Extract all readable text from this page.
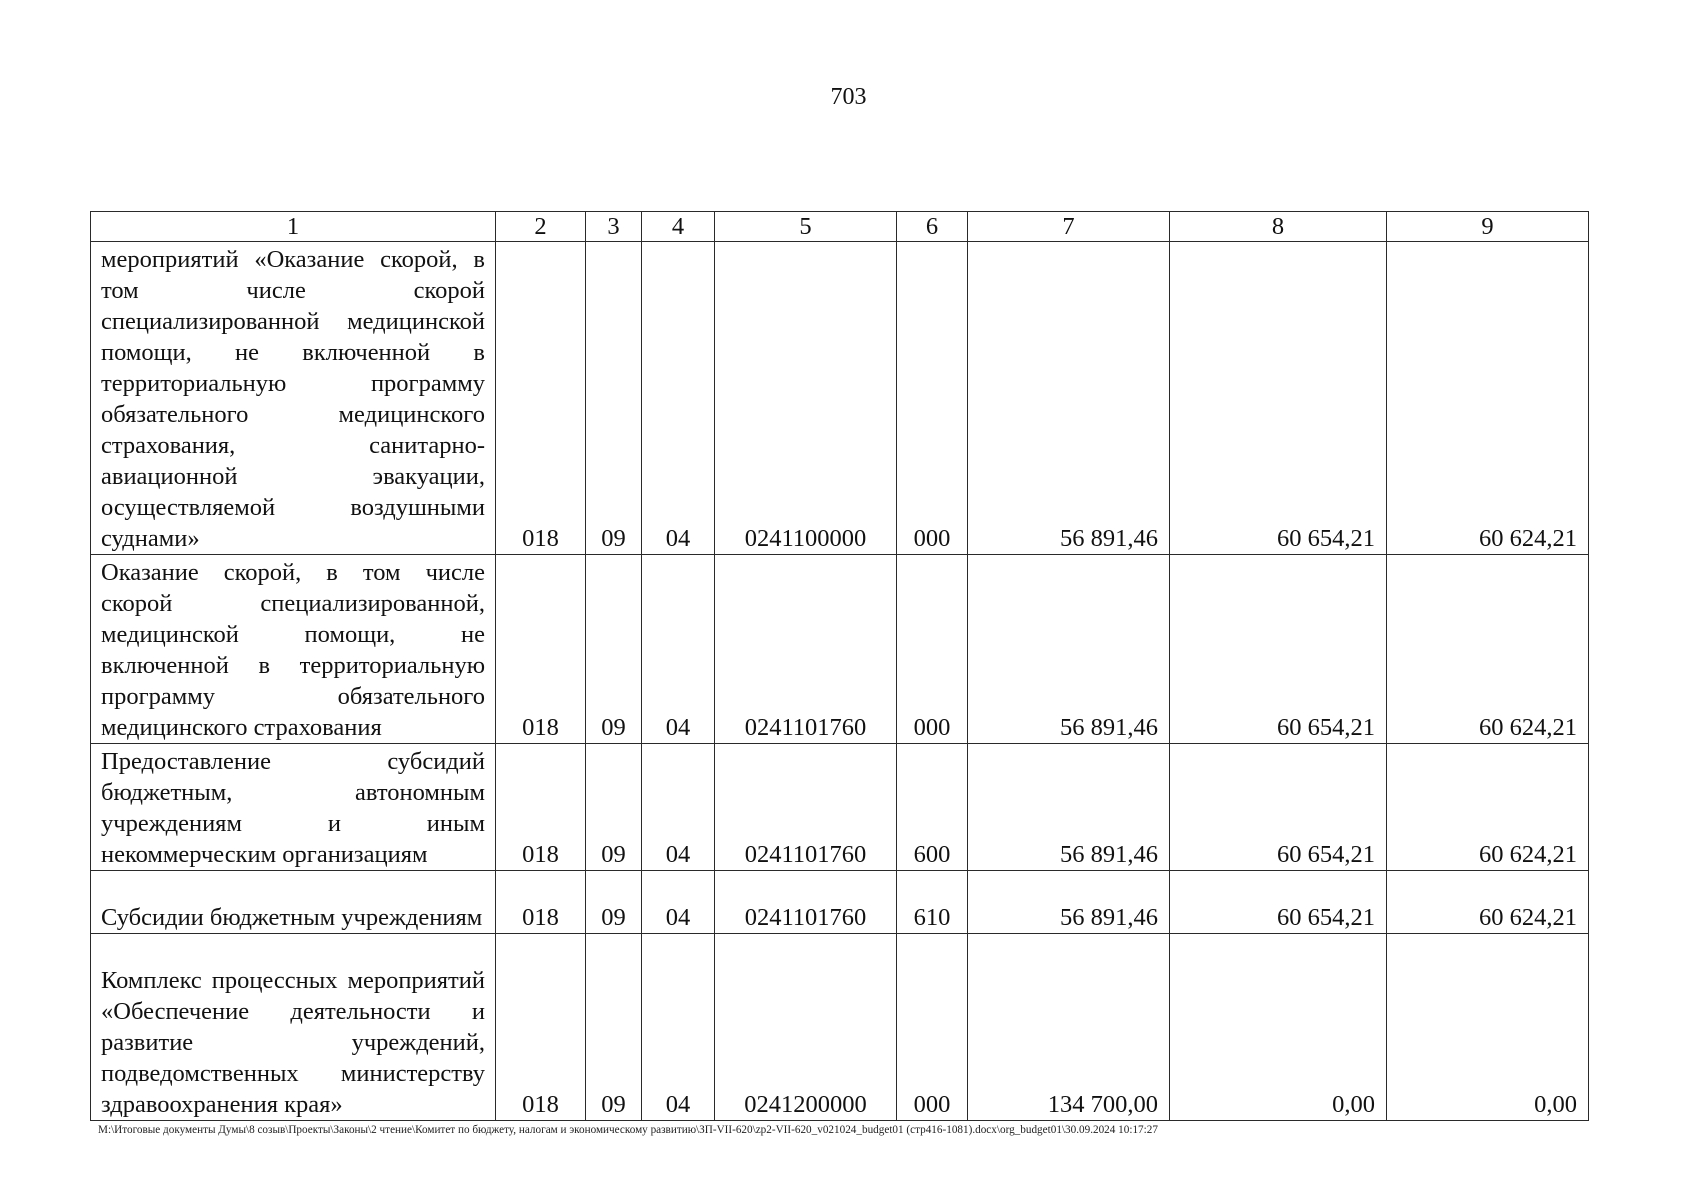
703
1	2	3	4	5	6	7	8	9
мероприятий «Оказание скорой, в том числе скорой специализированной медицинской помощи, не включенной в территориальную программу обязательного медицинского страхования, санитарно-авиационной эвакуации, осуществляемой воздушными суднами»	018	09	04	0241100000	000	56 891,46	60 654,21	60 624,21
Оказание скорой, в том числе скорой специализированной, медицинской помощи, не включенной в территориальную программу обязательного медицинского страхования	018	09	04	0241101760	000	56 891,46	60 654,21	60 624,21
Предоставление субсидий бюджетным, автономным учреждениям и иным некоммерческим организациям	018	09	04	0241101760	600	56 891,46	60 654,21	60 624,21
Субсидии бюджетным учреждениям	018	09	04	0241101760	610	56 891,46	60 654,21	60 624,21
Комплекс процессных мероприятий «Обеспечение деятельности и развитие учреждений, подведомственных министерству здравоохранения края»	018	09	04	0241200000	000	134 700,00	0,00	0,00
M:\Итоговые документы Думы\8 созыв\Проекты\Законы\2 чтение\Комитет по бюджету, налогам и экономическому развитию\ЗП-VII-620\zp2-VII-620_v021024_budget01 (стр416-1081).docx\org_budget01\30.09.2024 10:17:27
